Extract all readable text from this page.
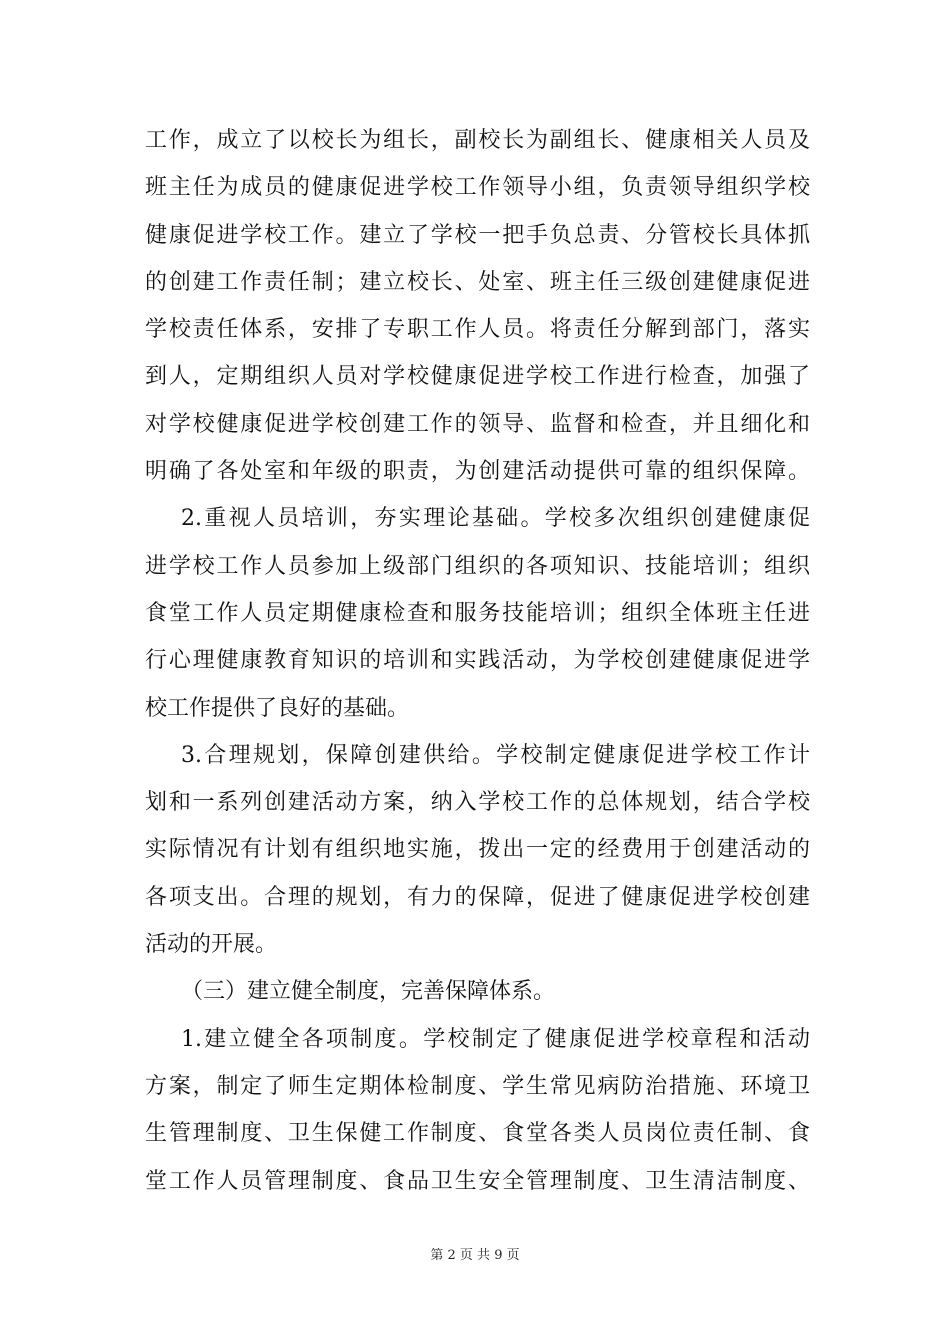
工作，成立了以校长为组长，副校长为副组长、健康相关人员及
班主任为成员的健康促进学校工作领导小组，负责领导组织学校
健康促进学校工作。建立了学校一把手负总责、分管校长具体抓
的创建工作责任制；建立校长、处室、班主任三级创建健康促进
学校责任体系，安排了专职工作人员。将责任分解到部门，落实
到人，定期组织人员对学校健康促进学校工作进行检查，加强了
对学校健康促进学校创建工作的领导、监督和检查，并且细化和
明确了各处室和年级的职责，为创建活动提供可靠的组织保障。
2.重视人员培训，夯实理论基础。学校多次组织创建健康促
进学校工作人员参加上级部门组织的各项知识、技能培训；组织
食堂工作人员定期健康检查和服务技能培训；组织全体班主任进
行心理健康教育知识的培训和实践活动，为学校创建健康促进学
校工作提供了良好的基础。
3.合理规划，保障创建供给。学校制定健康促进学校工作计
划和一系列创建活动方案，纳入学校工作的总体规划，结合学校
实际情况有计划有组织地实施，拨出一定的经费用于创建活动的
各项支出。合理的规划，有力的保障，促进了健康促进学校创建
活动的开展。
（三）建立健全制度，完善保障体系。
1.建立健全各项制度。学校制定了健康促进学校章程和活动
方案，制定了师生定期体检制度、学生常见病防治措施、环境卫
生管理制度、卫生保健工作制度、食堂各类人员岗位责任制、食
堂工作人员管理制度、食品卫生安全管理制度、卫生清洁制度、
第 2 页 共 9 页
